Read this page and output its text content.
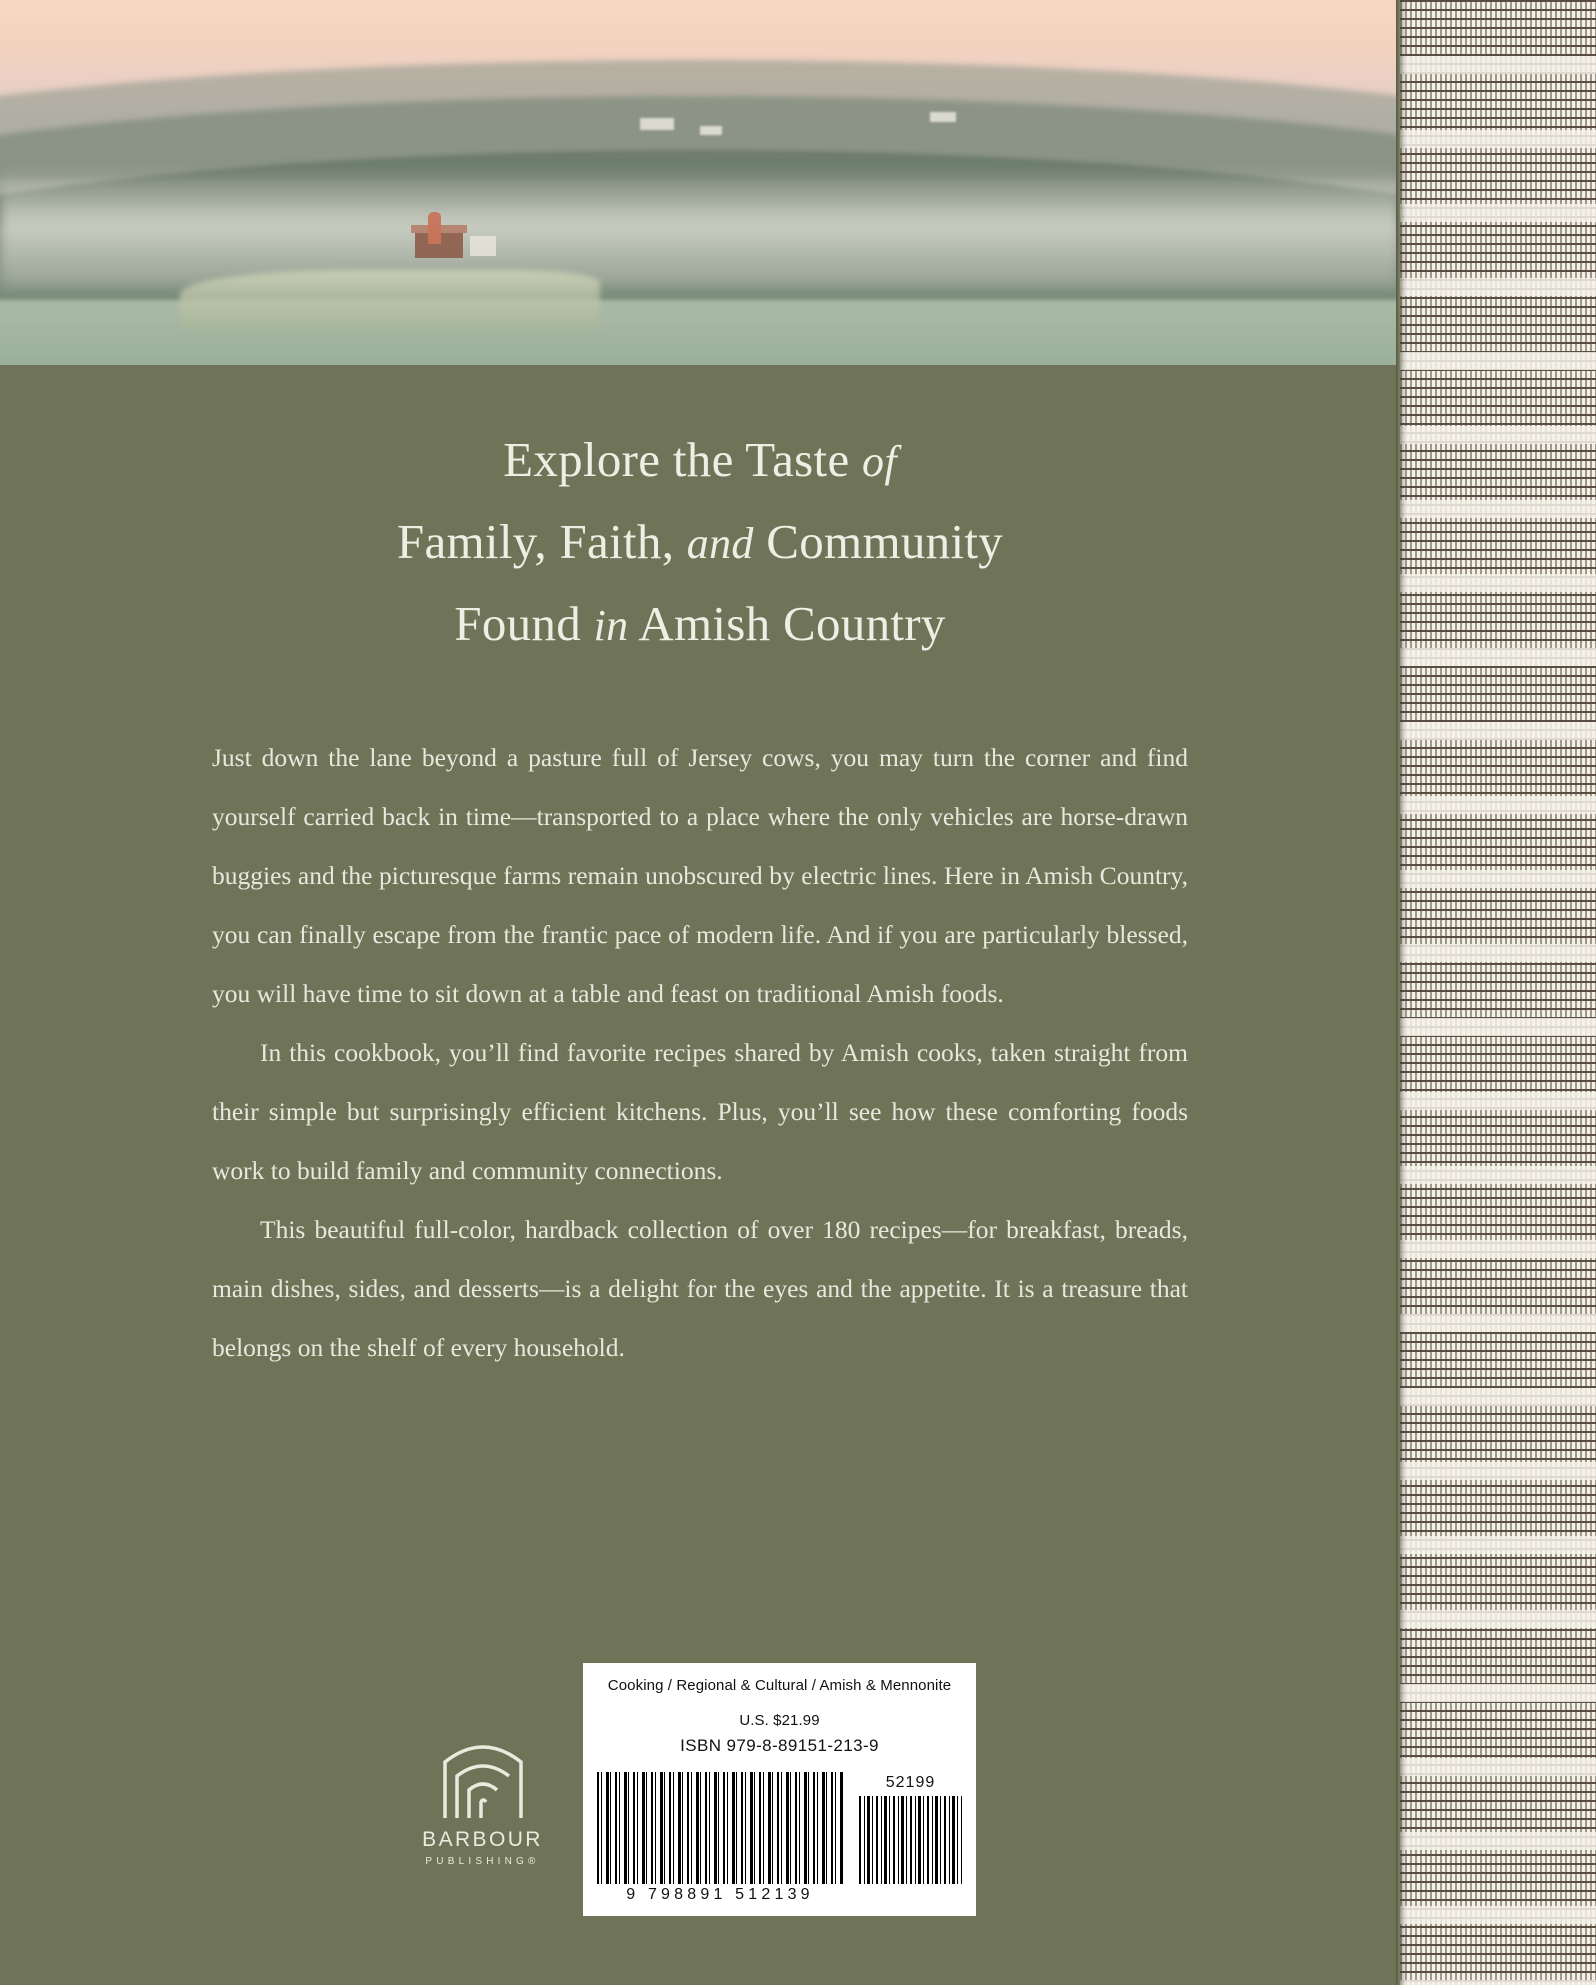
Explore the Taste of
Family, Faith, and Community
Found in Amish Country

Just down the lane beyond a pasture full of Jersey cows, you may turn the corner and find yourself carried back in time—transported to a place where the only vehicles are horse-drawn buggies and the picturesque farms remain unobscured by electric lines. Here in Amish Country, you can finally escape from the frantic pace of modern life. And if you are particularly blessed, you will have time to sit down at a table and feast on traditional Amish foods.

In this cookbook, you’ll find favorite recipes shared by Amish cooks, taken straight from their simple but surprisingly efficient kitchens. Plus, you’ll see how these comforting foods work to build family and community connections.

This beautiful full-color, hardback collection of over 180 recipes—for breakfast, breads, main dishes, sides, and desserts—is a delight for the eyes and the appetite. It is a treasure that belongs on the shelf of every household.

BARBOUR
PUBLISHING®
Cooking / Regional & Cultural / Amish & Mennonite
U.S. $21.99
ISBN 979-8-89151-213-9
52199
9 798891 512139
